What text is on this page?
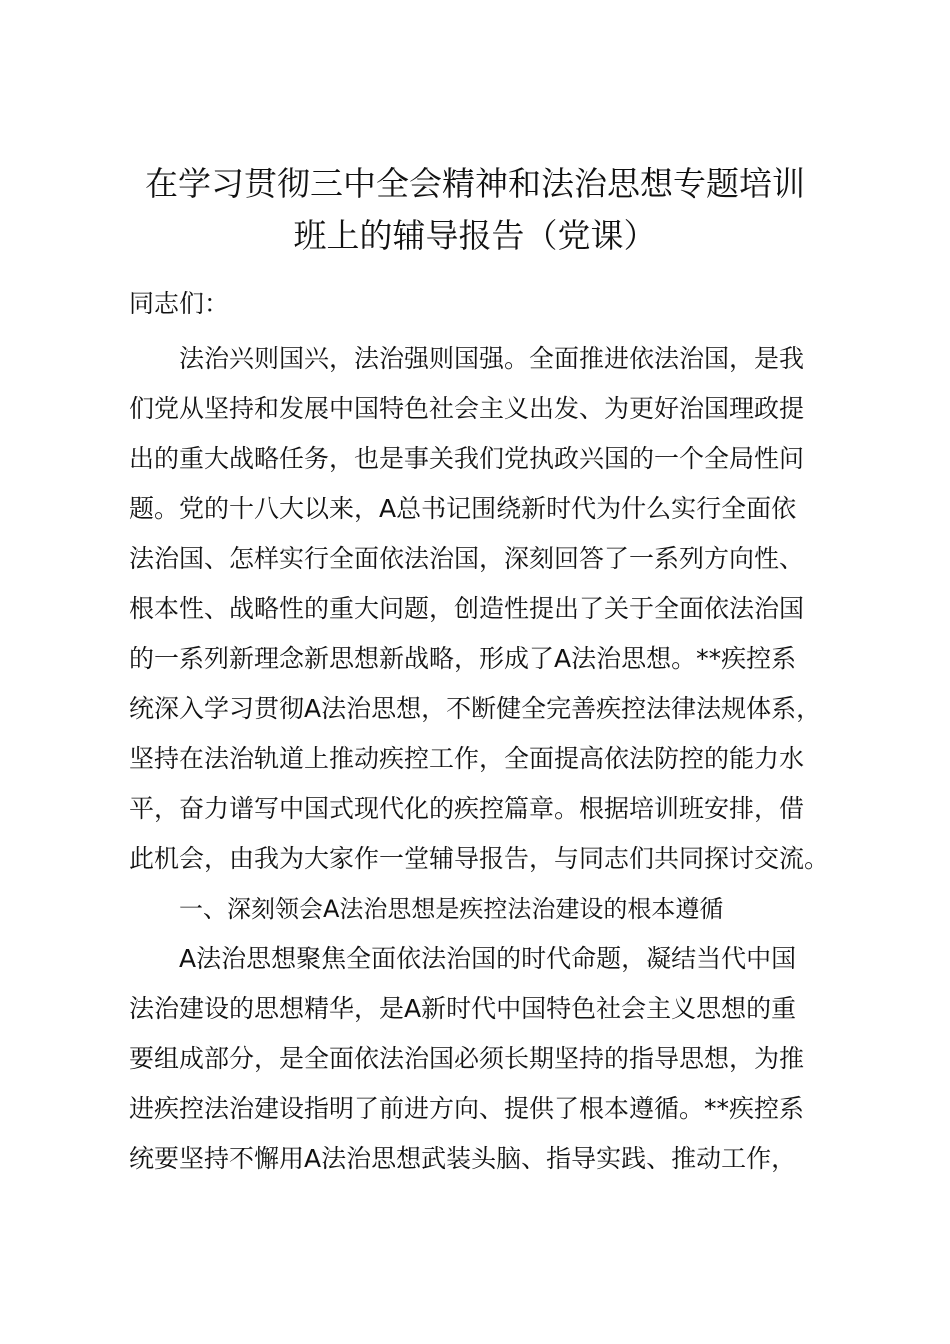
在学习贯彻三中全会精神和法治思想专题培训
班上的辅导报告（党课）
同志们：
法治兴则国兴，法治强则国强。全面推进依法治国，是我
们党从坚持和发展中国特色社会主义出发、为更好治国理政提
出的重大战略任务，也是事关我们党执政兴国的一个全局性问
题。党的十八大以来，A总书记围绕新时代为什么实行全面依
法治国、怎样实行全面依法治国，深刻回答了一系列方向性、
根本性、战略性的重大问题，创造性提出了关于全面依法治国
的一系列新理念新思想新战略，形成了A法治思想。**疾控系
统深入学习贯彻A法治思想，不断健全完善疾控法律法规体系，
坚持在法治轨道上推动疾控工作，全面提高依法防控的能力水
平，奋力谱写中国式现代化的疾控篇章。根据培训班安排，借
此机会，由我为大家作一堂辅导报告，与同志们共同探讨交流。
一、深刻领会A法治思想是疾控法治建设的根本遵循
A法治思想聚焦全面依法治国的时代命题，凝结当代中国
法治建设的思想精华，是A新时代中国特色社会主义思想的重
要组成部分，是全面依法治国必须长期坚持的指导思想，为推
进疾控法治建设指明了前进方向、提供了根本遵循。**疾控系
统要坚持不懈用A法治思想武装头脑、指导实践、推动工作，
